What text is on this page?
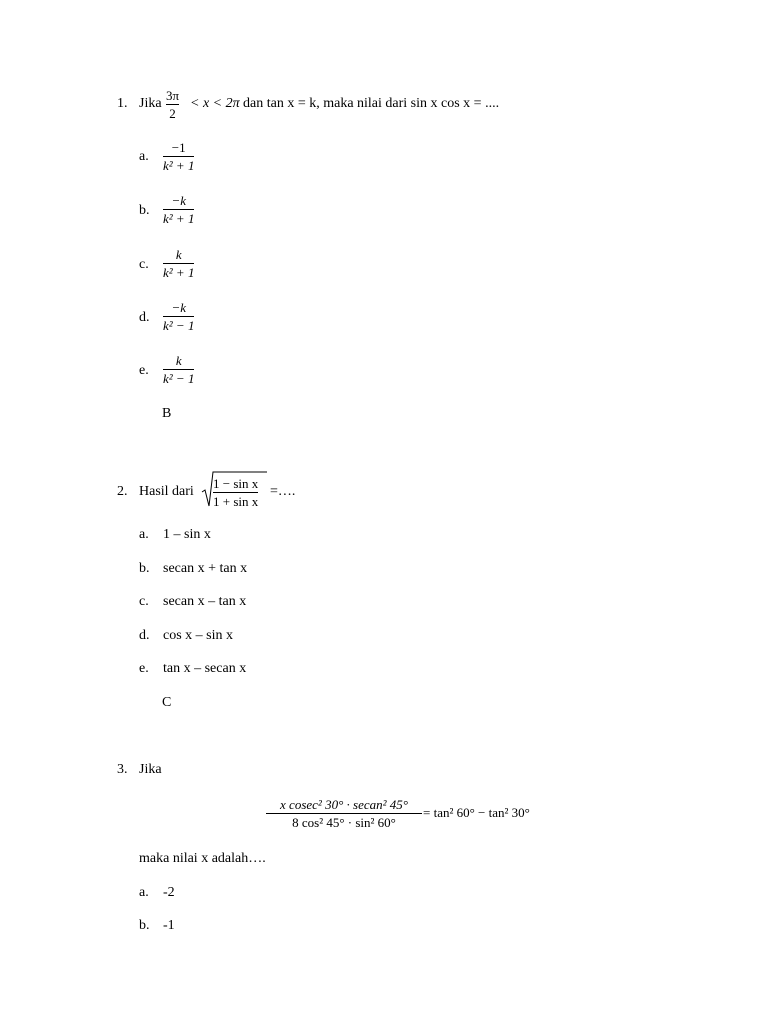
1. Jika
3π
2
< x < 2π dan tan x = k, maka nilai dari sin x cos x = ....
a.
−1
k² + 1
b.
−k
k² + 1
c.
k
k² + 1
d.
−k
k² − 1
e.
k
k² − 1
B
2. Hasil dari
1 − sin x
1 + sin x
=….
a. 1 – sin x
b. secan x + tan x
c. secan x – tan x
d. cos x – sin x
e. tan x – secan x
C
3. Jika
x cosec² 30° · secan² 45°
8 cos² 45° · sin² 60°
= tan² 60° − tan² 30°
maka nilai x adalah….
a. -2
b. -1
